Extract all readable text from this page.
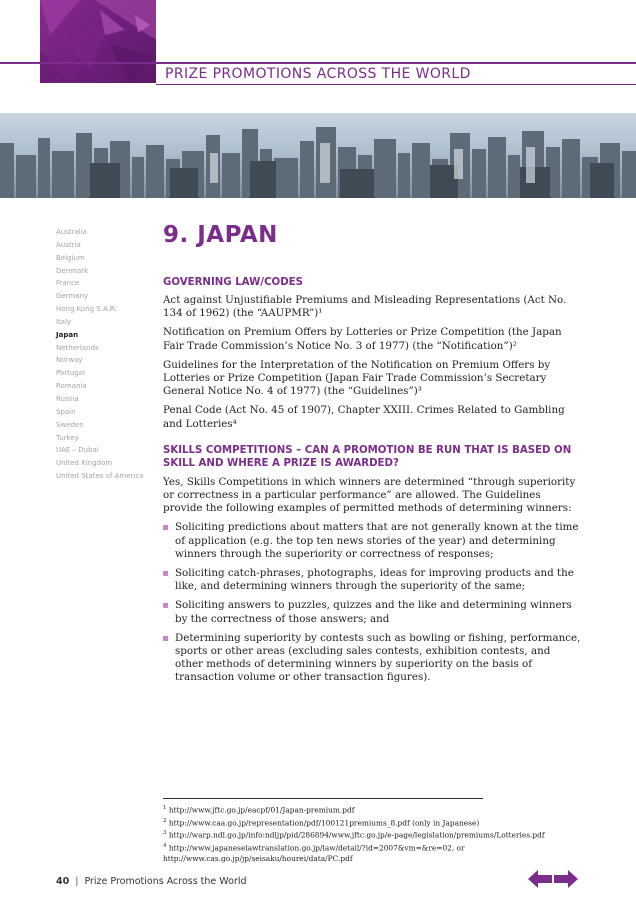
PRIZE PROMOTIONS ACROSS THE WORLD
Australia
Austria
Belgium
Denmark
France
Germany
Hong Kong S.A.R.
Italy
Japan
Netherlands
Norway
Portugal
Romania
Russia
Spain
Sweden
Turkey
UAE – Dubai
United Kingdom
United States of America
9. JAPAN
GOVERNING LAW/CODES

Act against Unjustifiable Premiums and Misleading Representations (Act No. 134 of 1962) (the “AAUPMR”)¹

Notification on Premium Offers by Lotteries or Prize Competition (the Japan Fair Trade Commission’s Notice No. 3 of 1977) (the “Notification”)²

Guidelines for the Interpretation of the Notification on Premium Offers by Lotteries or Prize Competition (Japan Fair Trade Commission’s Secretary General Notice No. 4 of 1977) (the “Guidelines”)³

Penal Code (Act No. 45 of 1907), Chapter XXIII. Crimes Related to Gambling and Lotteries⁴

SKILLS COMPETITIONS – CAN A PROMOTION BE RUN THAT IS BASED ON SKILL AND WHERE A PRIZE IS AWARDED?

Yes, Skills Competitions in which winners are determined “through superiority or correctness in a particular performance” are allowed. The Guidelines provide the following examples of permitted methods of determining winners:

Soliciting predictions about matters that are not generally known at the time of application (e.g. the top ten news stories of the year) and determining winners through the superiority or correctness of responses;
Soliciting catch-phrases, photographs, ideas for improving products and the like, and determining winners through the superiority of the same;
Soliciting answers to puzzles, quizzes and the like and determining winners by the correctness of those answers; and
Determining superiority by contests such as bowling or fishing, performance, sports or other areas (excluding sales contests, exhibition contests, and other methods of determining winners by superiority on the basis of transaction volume or other transaction figures).

$^1$ http://www.jftc.go.jp/eacpf/01/Japan-premium.pdf

$^2$ http://www.caa.go.jp/representation/pdf/100121premiums_8.pdf (only in Japanese)

$^3$ http://warp.ndl.go.jp/info:ndljp/pid/286894/www.jftc.go.jp/e-page/legislation/premiums/Lotteries.pdf

$^4$ http://www.japaneselawtranslation.go.jp/law/detail/?id=2007&vm=&re=02, or http://www.cas.go.jp/jp/seisaku/hourei/data/PC.pdf

40 | Prize Promotions Across the World
